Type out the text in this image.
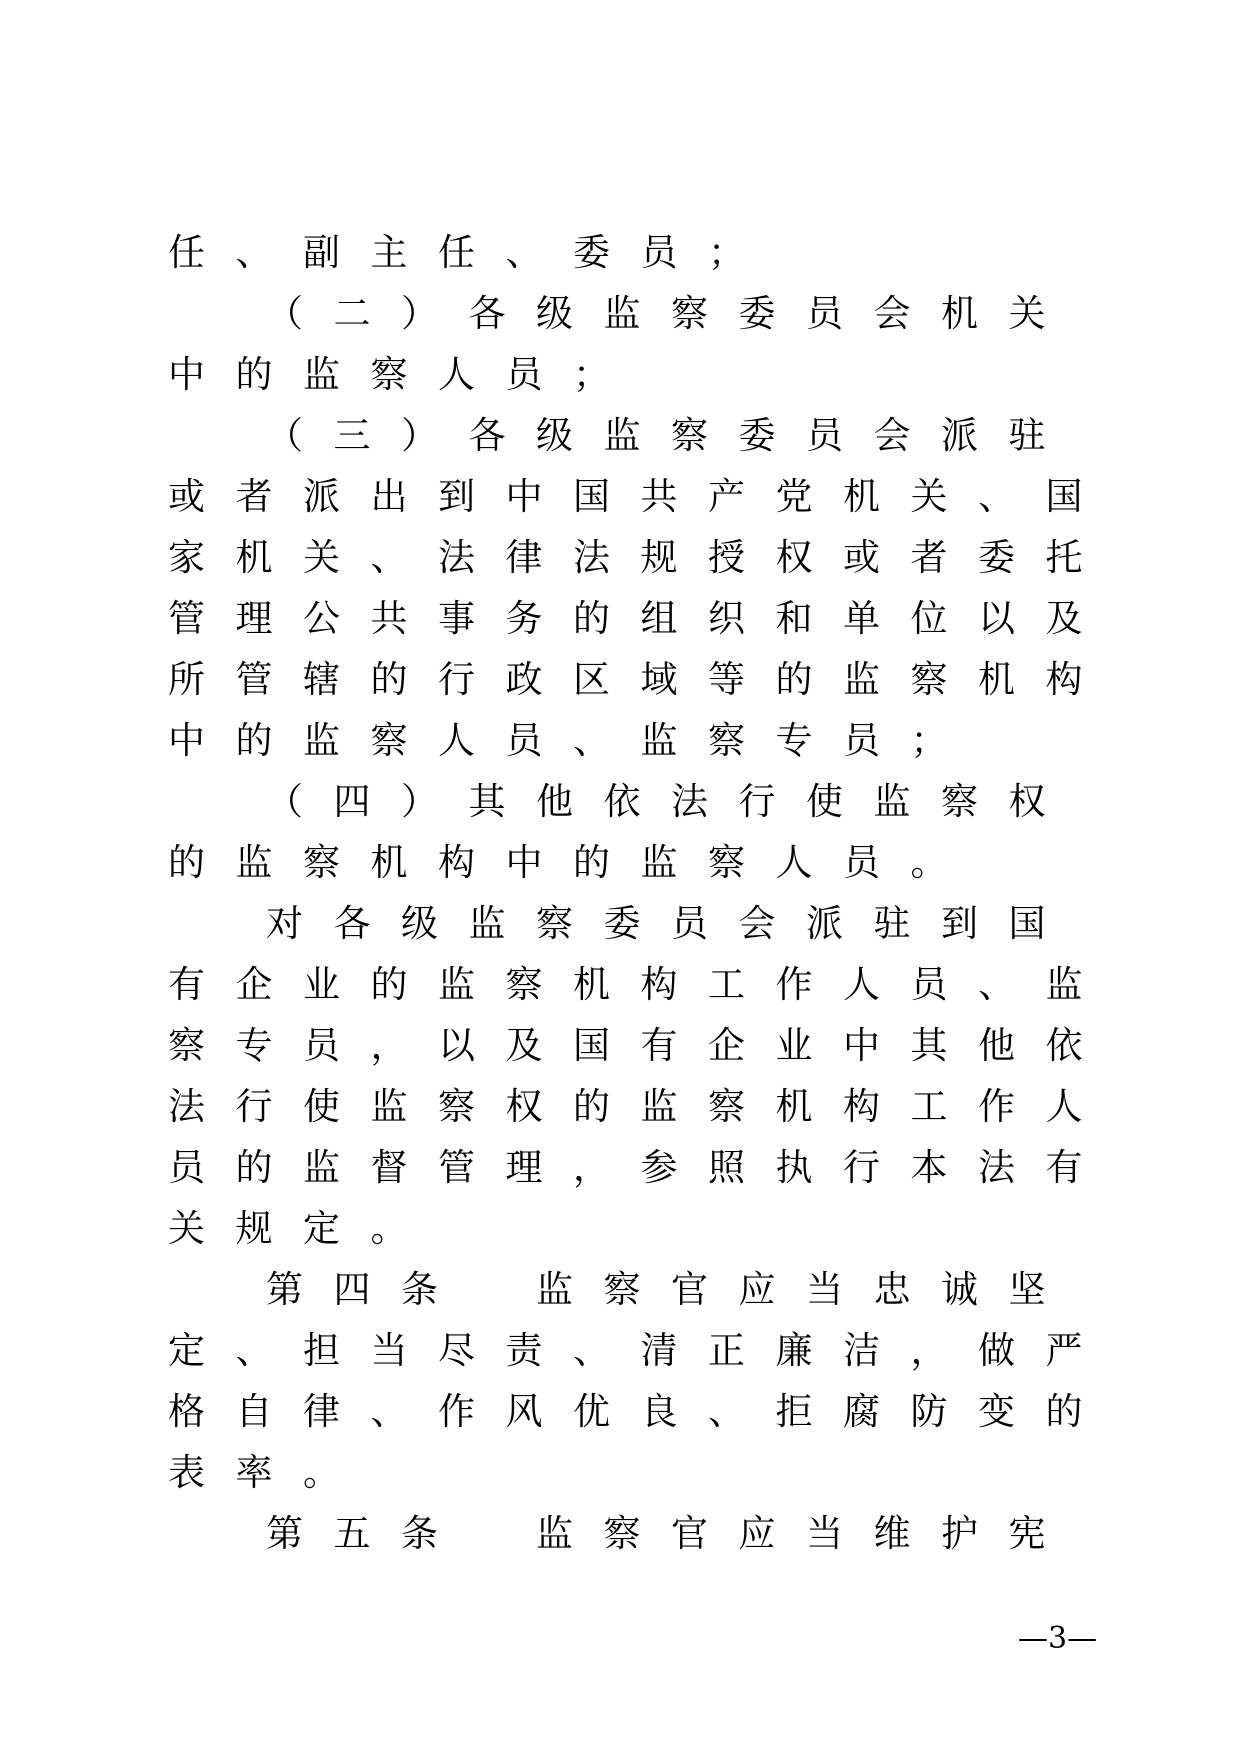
任、副主任、委员；
（二）各级监察委员会机关
中的监察人员；
（三）各级监察委员会派驻
或者派出到中国共产党机关、国
家机关、法律法规授权或者委托
管理公共事务的组织和单位以及
所管辖的行政区域等的监察机构
中的监察人员、监察专员；
（四）其他依法行使监察权
的监察机构中的监察人员。
对各级监察委员会派驻到国
有企业的监察机构工作人员、监
察专员，以及国有企业中其他依
法行使监察权的监察机构工作人
员的监督管理，参照执行本法有
关规定。
第四条　监察官应当忠诚坚
定、担当尽责、清正廉洁，做严
格自律、作风优良、拒腐防变的
表率。
第五条　监察官应当维护宪
—3—
